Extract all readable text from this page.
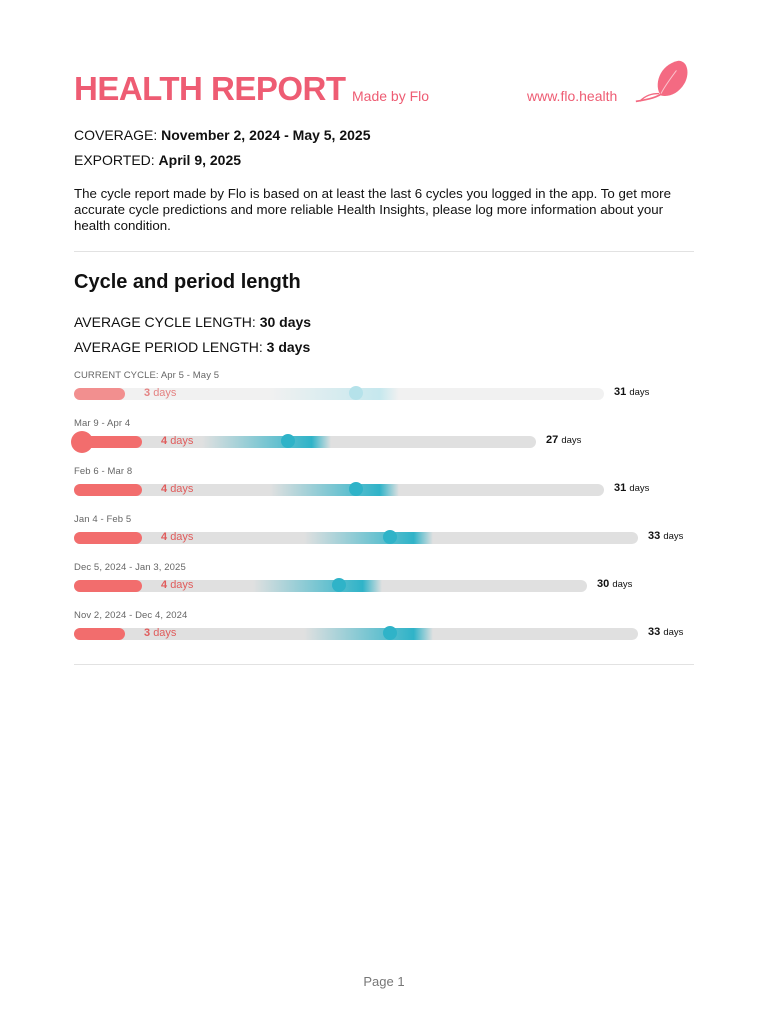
HEALTH REPORT Made by Flo	www.flo.health
COVERAGE: November 2, 2024 - May 5, 2025
EXPORTED: April 9, 2025
The cycle report made by Flo is based on at least the last 6 cycles you logged in the app. To get more accurate cycle predictions and more reliable Health Insights, please log more information about your health condition.
Cycle and period length
AVERAGE CYCLE LENGTH: 30 days
AVERAGE PERIOD LENGTH: 3 days
CURRENT CYCLE: Apr 5 - May 5
3 days	31 days
Mar 9 - Apr 4
4 days	27 days
Feb 6 - Mar 8
4 days	31 days
Jan 4 - Feb 5
4 days	33 days
Dec 5, 2024 - Jan 3, 2025
4 days	30 days
Nov 2, 2024 - Dec 4, 2024
3 days	33 days
Page 1
